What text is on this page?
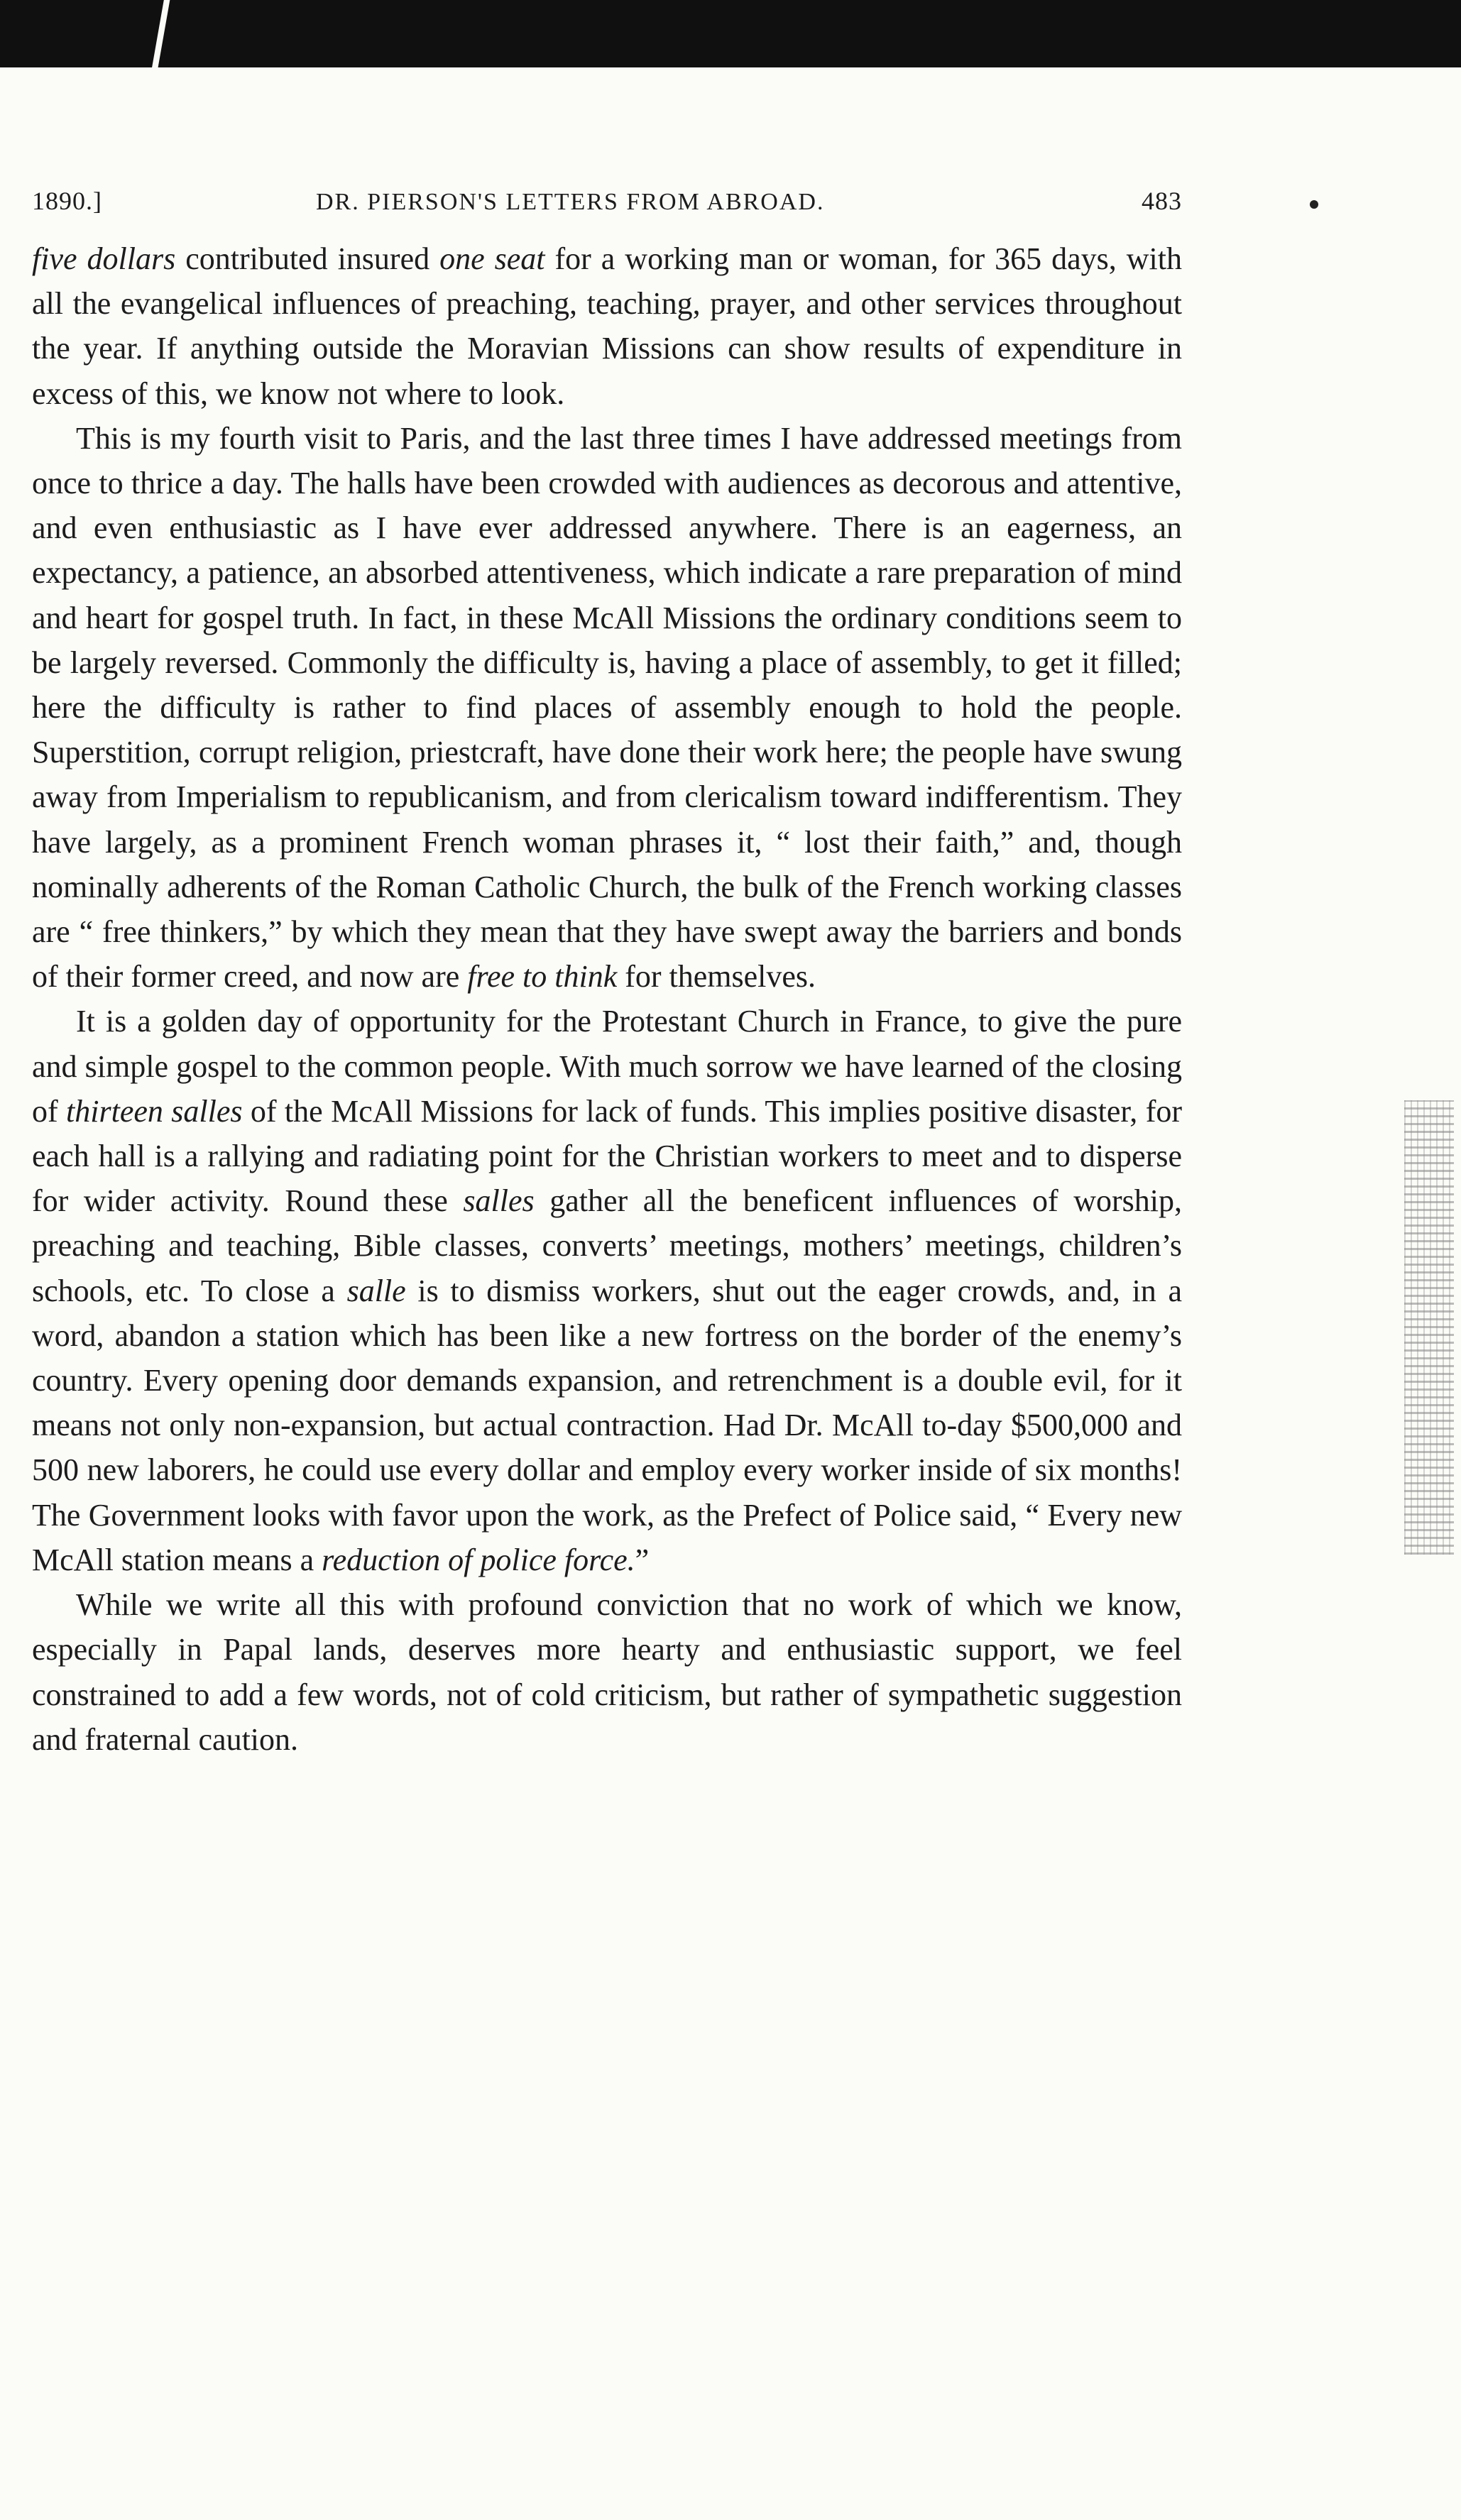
1890.]	DR. PIERSON'S LETTERS FROM ABROAD.	483

five dollars contributed insured one seat for a working man or woman, for 365 days, with all the evangelical influences of preaching, teaching, prayer, and other services throughout the year. If anything outside the Moravian Missions can show results of expenditure in excess of this, we know not where to look.

This is my fourth visit to Paris, and the last three times I have addressed meetings from once to thrice a day. The halls have been crowded with audiences as decorous and attentive, and even enthusiastic as I have ever addressed anywhere. There is an eagerness, an expectancy, a patience, an absorbed attentiveness, which indicate a rare preparation of mind and heart for gospel truth. In fact, in these McAll Missions the ordinary conditions seem to be largely reversed. Commonly the difficulty is, having a place of assembly, to get it filled; here the difficulty is rather to find places of assembly enough to hold the people. Superstition, corrupt religion, priestcraft, have done their work here; the people have swung away from Imperialism to republicanism, and from clericalism toward indifferentism. They have largely, as a prominent French woman phrases it, “ lost their faith,” and, though nominally adherents of the Roman Catholic Church, the bulk of the French working classes are “ free thinkers,” by which they mean that they have swept away the barriers and bonds of their former creed, and now are free to think for themselves.

It is a golden day of opportunity for the Protestant Church in France, to give the pure and simple gospel to the common people. With much sorrow we have learned of the closing of thirteen salles of the McAll Missions for lack of funds. This implies positive disaster, for each hall is a rallying and radiating point for the Christian workers to meet and to disperse for wider activity. Round these salles gather all the beneficent influences of worship, preaching and teaching, Bible classes, converts’ meetings, mothers’ meetings, children’s schools, etc. To close a salle is to dismiss workers, shut out the eager crowds, and, in a word, abandon a station which has been like a new fortress on the border of the enemy’s country. Every opening door demands expansion, and retrenchment is a double evil, for it means not only non-expansion, but actual contraction. Had Dr. McAll to-day $500,000 and 500 new laborers, he could use every dollar and employ every worker inside of six months! The Government looks with favor upon the work, as the Prefect of Police said, “ Every new McAll station means a reduction of police force.”

While we write all this with profound conviction that no work of which we know, especially in Papal lands, deserves more hearty and enthusiastic support, we feel constrained to add a few words, not of cold criticism, but rather of sympathetic suggestion and fraternal caution.
